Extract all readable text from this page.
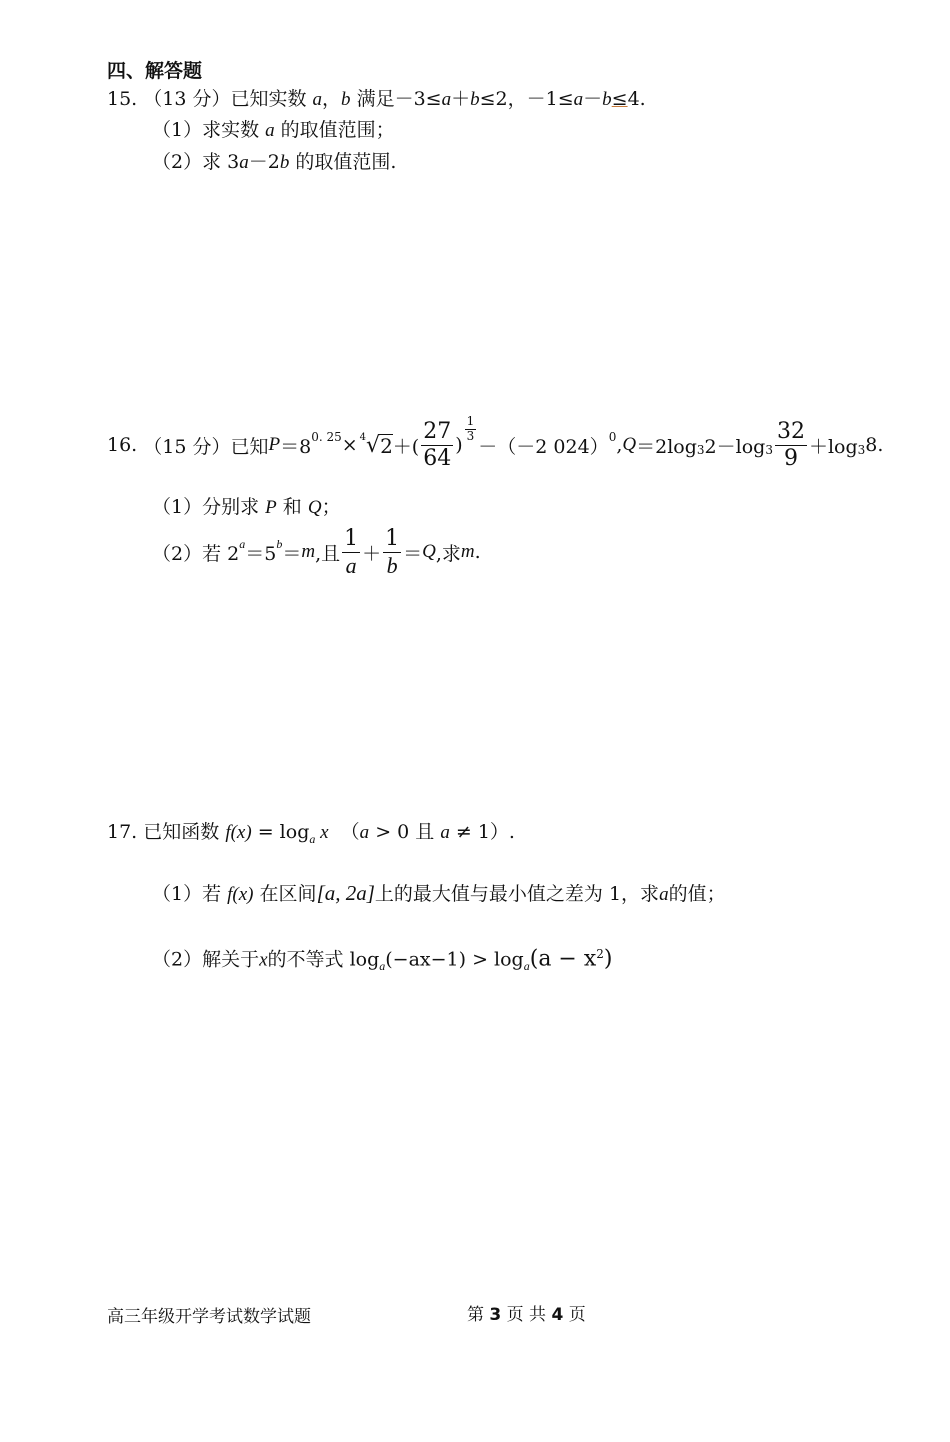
四、解答题
15. （13 分）已知实数 a，b 满足－3≤a＋b≤2，－1≤a－b≤4.
（1）求实数 a 的取值范围；
（2）求 3a－2b 的取值范围.
16.
（15 分）已知 $P =8^{0. 25} \times^4$ √ 2 ＋( $\frac{27}{64}$ )
$\frac{1}{3}$
－（－2 024）$^0$ , $Q =2\log_3$ $2-\log_3 \frac{32}{9} +\log_3$ 8.
（1）分别求 P 和 Q；
（2）若 $2^a =5^b = m$ ,且 $\frac{1}{a} + \frac{1}{b} = Q$ ,求 m .
17. 已知函数 $f(x) = \log_a x$ （a > 0 且 a ≠ 1）.
（1）若 f(x) 在区间[a, 2a]上的最大值与最小值之差为 1，求a的值；
（2）解关于x的不等式 $\log_a(-ax-1) > \log_a(a - x^2)$
高三年级开学考试数学试题	第 3 页 共 4 页
